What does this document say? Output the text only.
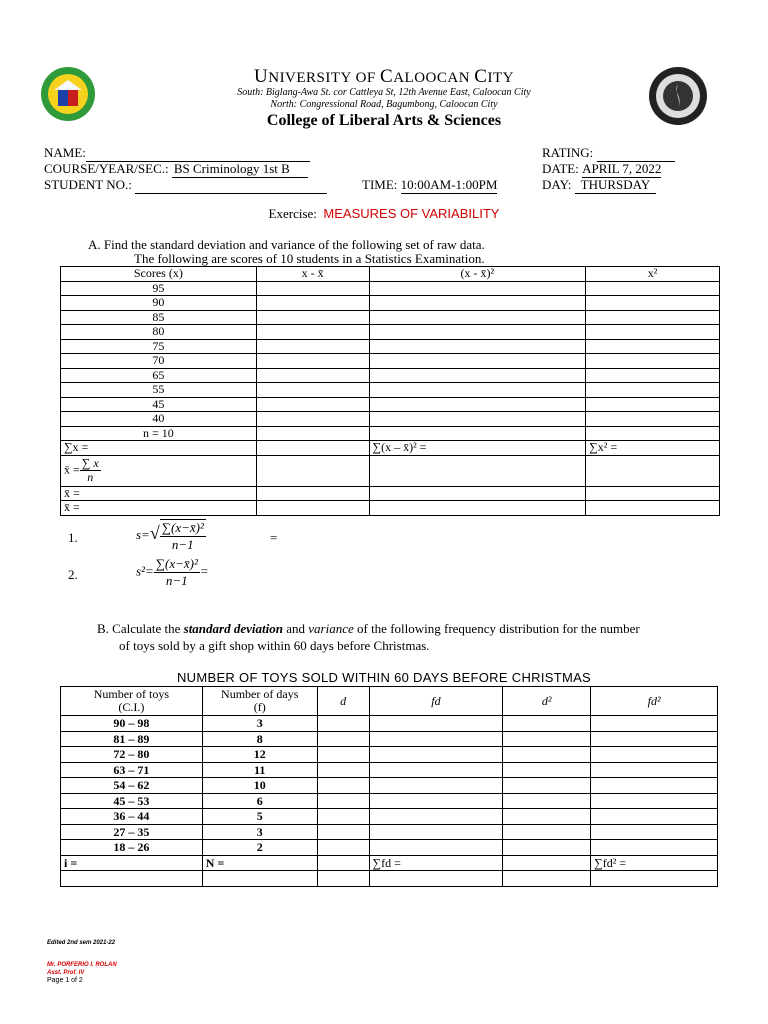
UNIVERSITY OF CALOOCAN CITY
South: Biglang-Awa St. cor Cattleya St, 12th Avenue East, Caloocan City
North: Congressional Road, Bagumbong, Caloocan City
College of Liberal Arts & Sciences
NAME:
COURSE/YEAR/SEC.: BS Criminology 1st B
STUDENT NO.:	TIME: 10:00AM-1:00PM
RATING:
DATE: APRIL 7, 2022
DAY: THURSDAY
Exercise: MEASURES OF VARIABILITY
A. Find the standard deviation and variance of the following set of raw data.
The following are scores of 10 students in a Statistics Examination.
Scores (x)	x - x̄	(x - x̄)²	x²
95			
90			
85			
80			
75			
70			
65			
55			
45			
40			
n = 10			
∑x =		∑(x – x̄)² =	∑x² =
x̄ = $\frac{\sum x}{n}$

x̄ =			
x̄ =			
1.	$s=√ \frac{\text{∑(x−x̄)²}}{n-1}$	=
2.	$s^2= \frac{\text{∑(x−x̄)²}}{n-1}$ =
B. Calculate the standard deviation and variance of the following frequency distribution for the number
of toys sold by a gift shop within 60 days before Christmas.
NUMBER OF TOYS SOLD WITHIN 60 DAYS BEFORE CHRISTMAS
Number of toys
(C.I.)	Number of days
(f)	d	fd	d²	fd²
90 – 98	3				
81 – 89	8				
72 – 80	12				
63 – 71	11				
54 – 62	10				
45 – 53	6				
36 – 44	5				
27 – 35	3				
18 – 26	2				
i =	N =		∑fd =		∑fd² =

Edited 2nd sem 2021-22
Mr. PORFERIO I. ROLAN
Asst. Prof. IV
Page 1 of 2
